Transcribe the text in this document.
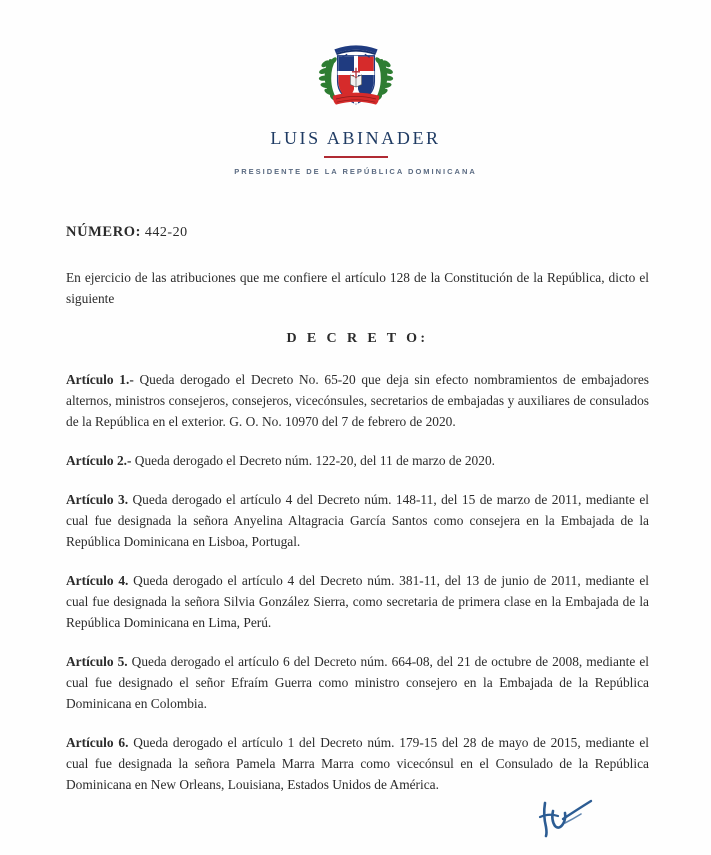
LUIS ABINADER
PRESIDENTE DE LA REPÚBLICA DOMINICANA
NÚMERO: 442-20

En ejercicio de las atribuciones que me confiere el artículo 128 de la Constitución de la República, dicto el siguiente

D E C R E T O:

Artículo 1.- Queda derogado el Decreto No. 65-20 que deja sin efecto nombramientos de embajadores alternos, ministros consejeros, consejeros, vicecónsules, secretarios de embajadas y auxiliares de consulados de la República en el exterior. G. O. No. 10970 del 7 de febrero de 2020.

Artículo 2.- Queda derogado el Decreto núm. 122-20, del 11 de marzo de 2020.

Artículo 3. Queda derogado el artículo 4 del Decreto núm. 148-11, del 15 de marzo de 2011, mediante el cual fue designada la señora Anyelina Altagracia García Santos como consejera en la Embajada de la República Dominicana en Lisboa, Portugal.

Artículo 4. Queda derogado el artículo 4 del Decreto núm. 381-11, del 13 de junio de 2011, mediante el cual fue designada la señora Silvia González Sierra, como secretaria de primera clase en la Embajada de la República Dominicana en Lima, Perú.

Artículo 5. Queda derogado el artículo 6 del Decreto núm. 664-08, del 21 de octubre de 2008, mediante el cual fue designado el señor Efraím Guerra como ministro consejero en la Embajada de la República Dominicana en Colombia.

Artículo 6. Queda derogado el artículo 1 del Decreto núm. 179-15 del 28 de mayo de 2015, mediante el cual fue designada la señora Pamela Marra Marra como vicecónsul en el Consulado de la República Dominicana en New Orleans, Louisiana, Estados Unidos de América.
